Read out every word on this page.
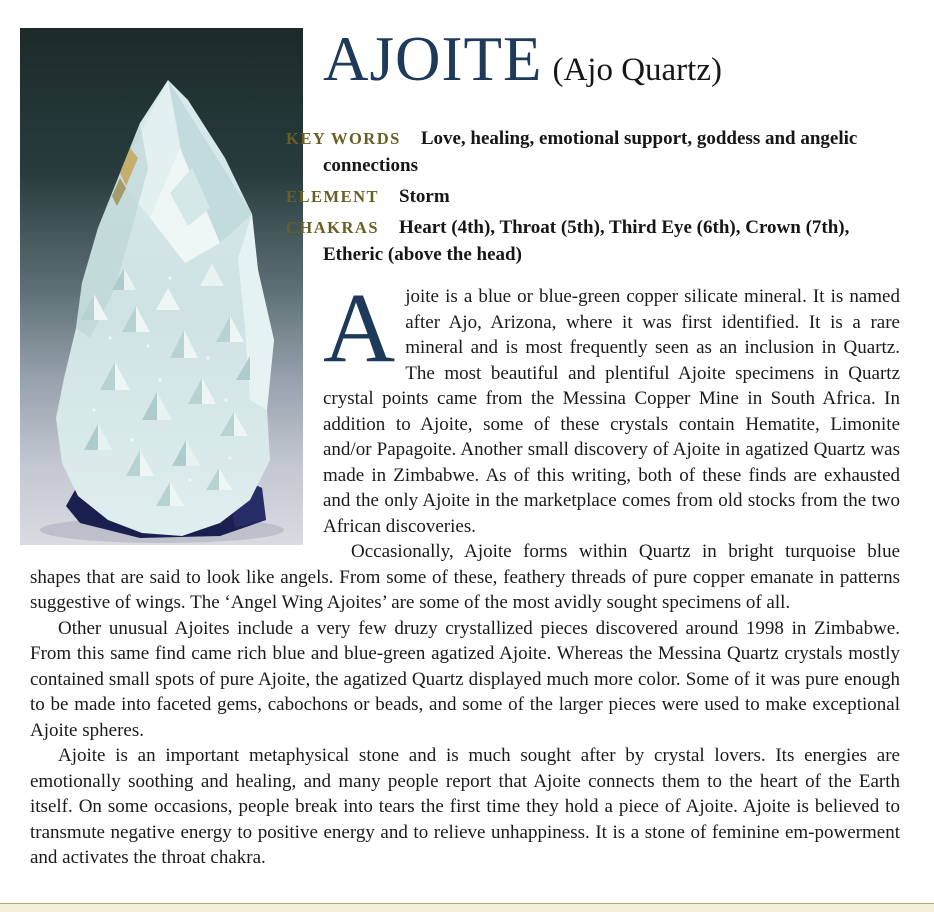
AJOITE (Ajo Quartz)

KEY WORDS Love, healing, emotional support, goddess and angelic connections

ELEMENT Storm

CHAKRAS Heart (4th), Throat (5th), Third Eye (6th), Crown (7th), Etheric (above the head)

Ajoite is a blue or blue-green copper silicate mineral. It is named after Ajo, Arizona, where it was first identified. It is a rare mineral and is most frequently seen as an inclusion in Quartz. The most beautiful and plentiful Ajoite specimens in Quartz crystal points came from the Messina Copper Mine in South Africa. In addition to Ajoite, some of these crystals contain Hematite, Limonite and/or Papagoite. Another small discovery of Ajoite in agatized Quartz was made in Zimbabwe. As of this writing, both of these finds are exhausted and the only Ajoite in the marketplace comes from old stocks from the two African discoveries.

Occasionally, Ajoite forms within Quartz in bright turquoise blue shapes that are said to look like angels. From some of these, feathery threads of pure copper emanate in patterns suggestive of wings. The ‘Angel Wing Ajoites’ are some of the most avidly sought specimens of all.

Other unusual Ajoites include a very few druzy crystallized pieces discovered around 1998 in Zimbabwe. From this same find came rich blue and blue-green agatized Ajoite. Whereas the Messina Quartz crystals mostly contained small spots of pure Ajoite, the agatized Quartz displayed much more color. Some of it was pure enough to be made into faceted gems, cabochons or beads, and some of the larger pieces were used to make exceptional Ajoite spheres.

Ajoite is an important metaphysical stone and is much sought after by crystal lovers. Its energies are emotionally soothing and healing, and many people report that Ajoite connects them to the heart of the Earth itself. On some occasions, people break into tears the first time they hold a piece of Ajoite. Ajoite is believed to transmute negative energy to positive energy and to relieve unhappiness. It is a stone of feminine em-powerment and activates the throat chakra.
